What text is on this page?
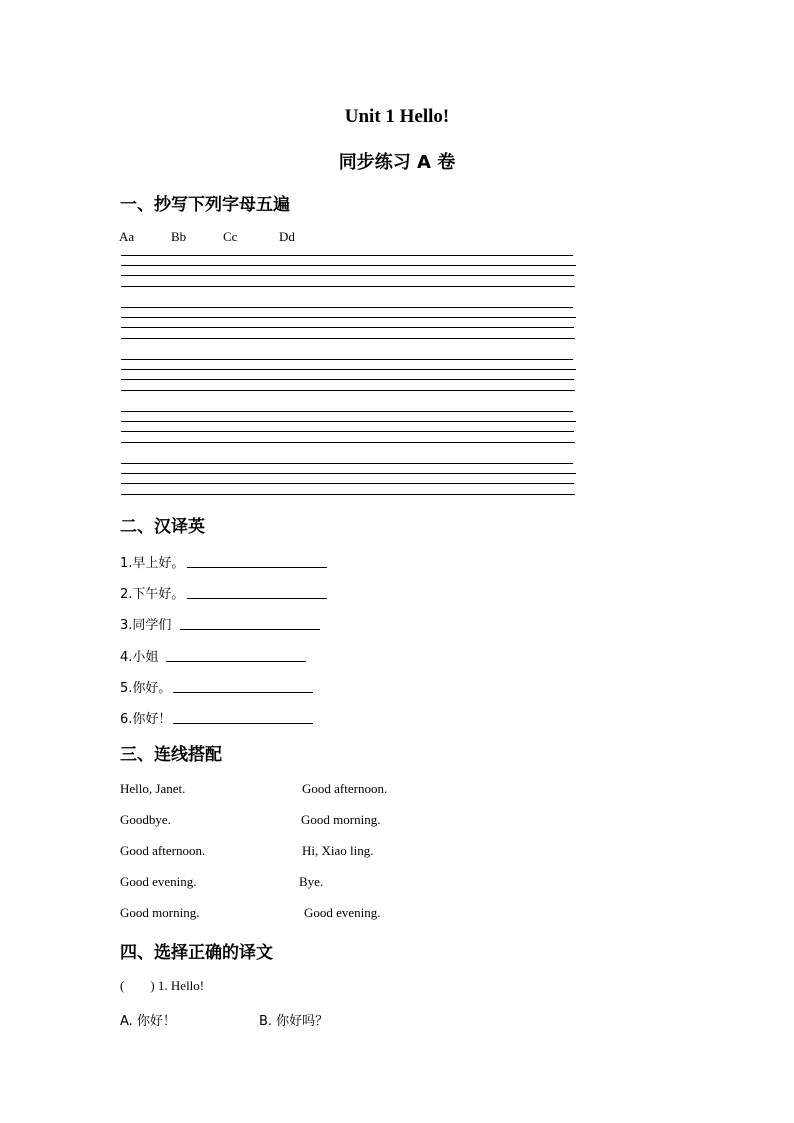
Unit 1 Hello!
同步练习 A 卷
一、抄写下列字母五遍
Aa	Bb	Cc	Dd
二、汉译英
1.早上好。
2.下午好。
3.同学们
4.小姐
5.你好。
6.你好！
三、连线搭配
Hello, Janet.	Good afternoon.
Goodbye.	Good morning.
Good afternoon.	Hi, Xiao ling.
Good evening.	Bye.
Good morning.	Good evening.
四、选择正确的译文
(        ) 1. Hello!
A. 你好！	B. 你好吗？
